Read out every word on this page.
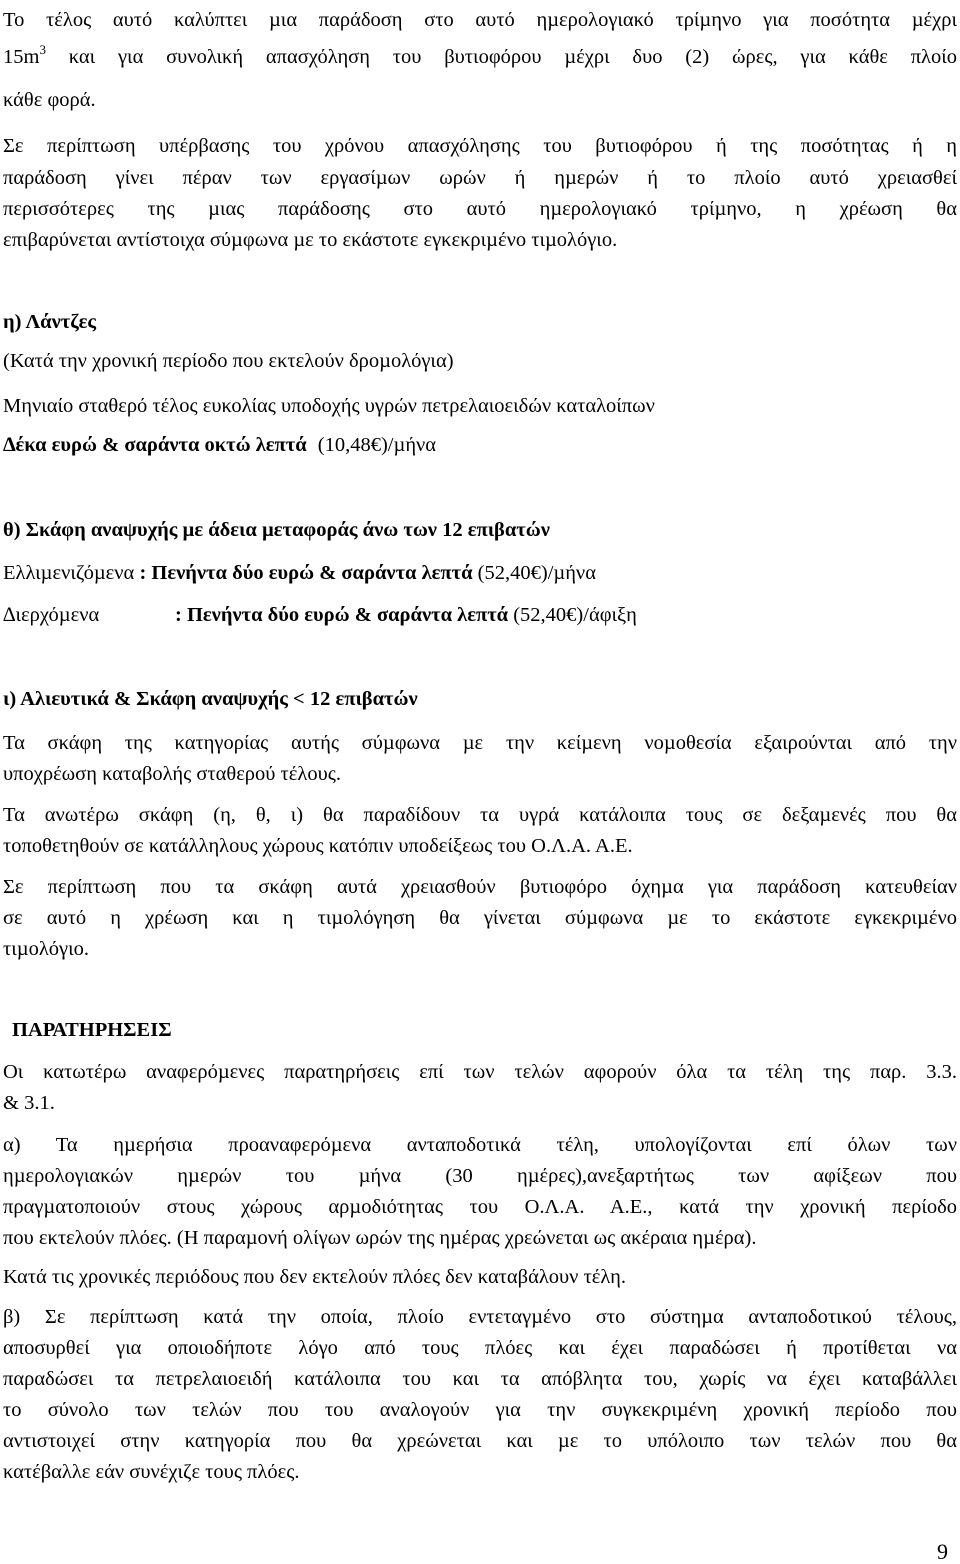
Το τέλος αυτό καλύπτει µια παράδοση στο αυτό ηµερολογιακό τρίµηνο για ποσότητα µέχρι
$15m^3$ και για συνολική απασχόληση του βυτιοφόρου µέχρι δυο (2) ώρες, για κάθε πλοίο
κάθε φορά.
Σε περίπτωση υπέρβασης του χρόνου απασχόλησης του βυτιοφόρου ή της ποσότητας ή η
παράδοση γίνει πέραν των εργασίµων ωρών ή ηµερών ή το πλοίο αυτό χρειασθεί
περισσότερες της µιας παράδοσης στο αυτό ηµερολογιακό τρίµηνο, η χρέωση θα
επιβαρύνεται αντίστοιχα σύµφωνα µε το εκάστοτε εγκεκριµένο τιµολόγιο.
η) Λάντζες
(Κατά την χρονική περίοδο που εκτελούν δροµολόγια)
Μηνιαίο σταθερό τέλος ευκολίας υποδοχής υγρών πετρελαιοειδών καταλοίπων
∆έκα ευρώ & σαράντα οκτώ λεπτά (10,48€)/µήνα
θ) Σκάφη αναψυχής µε άδεια µεταφοράς άνω των 12 επιβατών
Ελλιµενιζόµενα : Πενήντα δύο ευρώ & σαράντα λεπτά (52,40€)/µήνα
∆ιερχόµενα	: Πενήντα δύο ευρώ & σαράντα λεπτά (52,40€)/άφιξη
ι) Αλιευτικά & Σκάφη αναψυχής < 12 επιβατών
Τα σκάφη της κατηγορίας αυτής σύµφωνα µε την κείµενη νοµοθεσία εξαιρούνται από την
υποχρέωση καταβολής σταθερού τέλους.
Τα ανωτέρω σκάφη (η, θ, ι) θα παραδίδουν τα υγρά κατάλοιπα τους σε δεξαµενές που θα
τοποθετηθούν σε κατάλληλους χώρους κατόπιν υποδείξεως του Ο.Λ.Α. Α.Ε.
Σε περίπτωση που τα σκάφη αυτά χρειασθούν βυτιοφόρο όχηµα για παράδοση κατευθείαν
σε αυτό η χρέωση και η τιµολόγηση θα γίνεται σύµφωνα µε το εκάστοτε εγκεκριµένο
τιµολόγιο.
ΠΑΡΑΤΗΡΗΣΕΙΣ
Οι κατωτέρω αναφερόµενες παρατηρήσεις επί των τελών αφορούν όλα τα τέλη της παρ. 3.3.
& 3.1.
α) Τα ηµερήσια προαναφερόµενα ανταποδοτικά τέλη, υπολογίζονται επί όλων των
ηµερολογιακών ηµερών του µήνα (30 ηµέρες),ανεξαρτήτως των αφίξεων που
πραγµατοποιούν στους χώρους αρµοδιότητας του Ο.Λ.Α. Α.Ε., κατά την χρονική περίοδο
που εκτελούν πλόες. (Η παραµονή ολίγων ωρών της ηµέρας χρεώνεται ως ακέραια ηµέρα).
Κατά τις χρονικές περιόδους που δεν εκτελούν πλόες δεν καταβάλουν τέλη.
β) Σε περίπτωση κατά την οποία, πλοίο εντεταγµένο στο σύστηµα ανταποδοτικού τέλους,
αποσυρθεί για οποιοδήποτε λόγο από τους πλόες και έχει παραδώσει ή προτίθεται να
παραδώσει τα πετρελαιοειδή κατάλοιπα του και τα απόβλητα του, χωρίς να έχει καταβάλλει
το σύνολο των τελών που του αναλογούν για την συγκεκριµένη χρονική περίοδο που
αντιστοιχεί στην κατηγορία που θα χρεώνεται και µε το υπόλοιπο των τελών που θα
κατέβαλλε εάν συνέχιζε τους πλόες.
9
